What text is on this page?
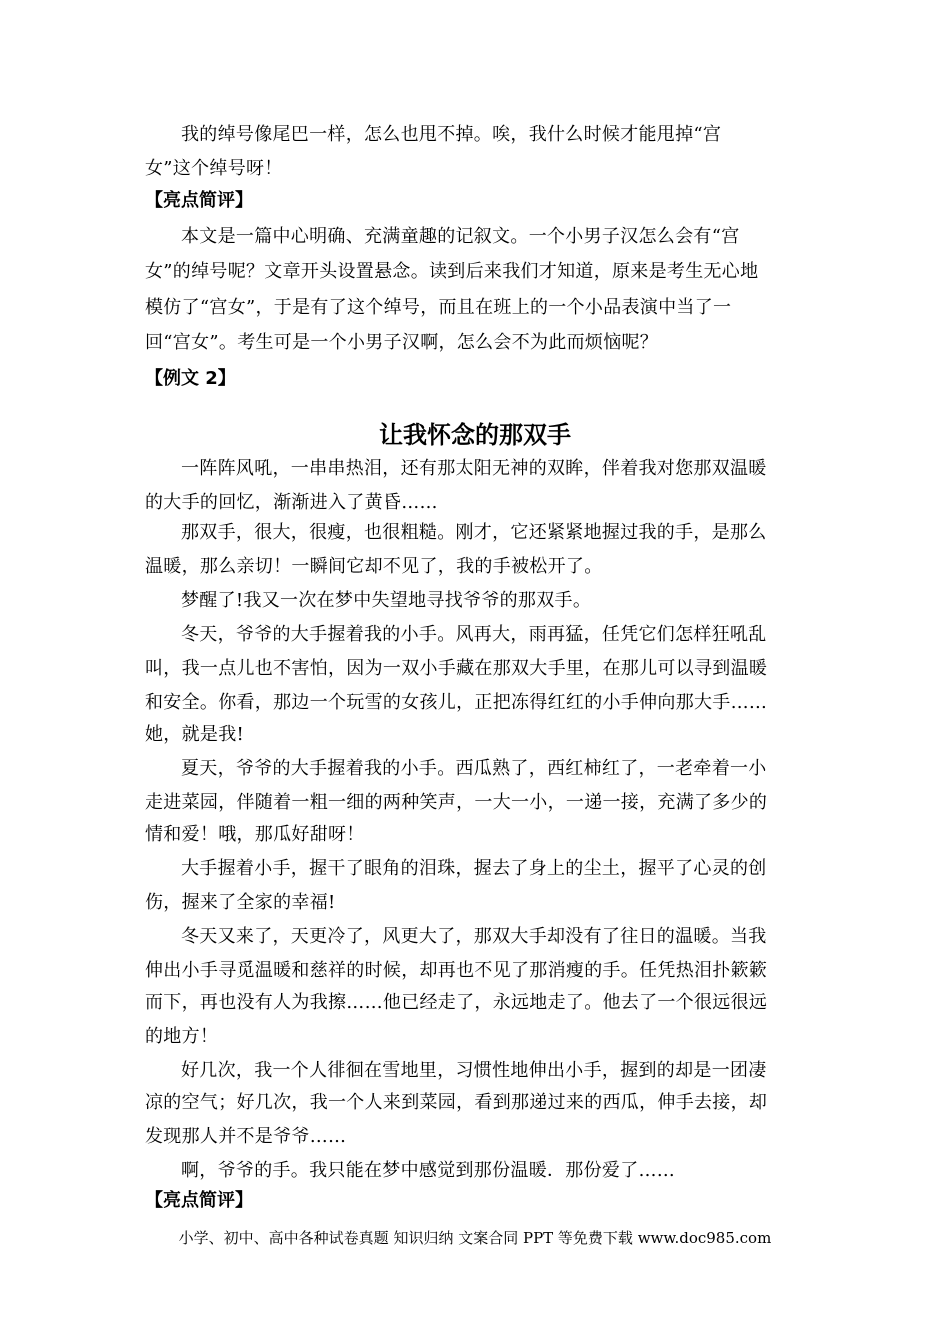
我的绰号像尾巴一样，怎么也甩不掉。唉，我什么时候才能甩掉“宫
女”这个绰号呀！
【亮点简评】
本文是一篇中心明确、充满童趣的记叙文。一个小男子汉怎么会有“宫
女”的绰号呢？文章开头设置悬念。读到后来我们才知道，原来是考生无心地
模仿了“宫女”，于是有了这个绰号，而且在班上的一个小品表演中当了一
回“宫女”。考生可是一个小男子汉啊，怎么会不为此而烦恼呢？
【例文 2】
让我怀念的那双手
一阵阵风吼，一串串热泪，还有那太阳无神的双眸，伴着我对您那双温暖
的大手的回忆，渐渐进入了黄昏……
那双手，很大，很瘦，也很粗糙。刚才，它还紧紧地握过我的手，是那么
温暖，那么亲切！一瞬间它却不见了，我的手被松开了。
梦醒了!我又一次在梦中失望地寻找爷爷的那双手。
冬天，爷爷的大手握着我的小手。风再大，雨再猛，任凭它们怎样狂吼乱
叫，我一点儿也不害怕，因为一双小手藏在那双大手里，在那儿可以寻到温暖
和安全。你看，那边一个玩雪的女孩儿，正把冻得红红的小手伸向那大手……
她，就是我!
夏天，爷爷的大手握着我的小手。西瓜熟了，西红柿红了，一老牵着一小
走进菜园，伴随着一粗一细的两种笑声，一大一小，一递一接，充满了多少的
情和爱！哦，那瓜好甜呀！
大手握着小手，握干了眼角的泪珠，握去了身上的尘土，握平了心灵的创
伤，握来了全家的幸福!
冬天又来了，天更冷了，风更大了，那双大手却没有了往日的温暖。当我
伸出小手寻觅温暖和慈祥的时候，却再也不见了那消瘦的手。任凭热泪扑簌簌
而下，再也没有人为我擦……他已经走了，永远地走了。他去了一个很远很远
的地方！
好几次，我一个人徘徊在雪地里，习惯性地伸出小手，握到的却是一团凄
凉的空气；好几次，我一个人来到菜园，看到那递过来的西瓜，伸手去接，却
发现那人并不是爷爷……
啊，爷爷的手。我只能在梦中感觉到那份温暖．那份爱了……
【亮点简评】
小学、初中、高中各种试卷真题 知识归纳 文案合同 PPT 等免费下载 www.doc985.com
